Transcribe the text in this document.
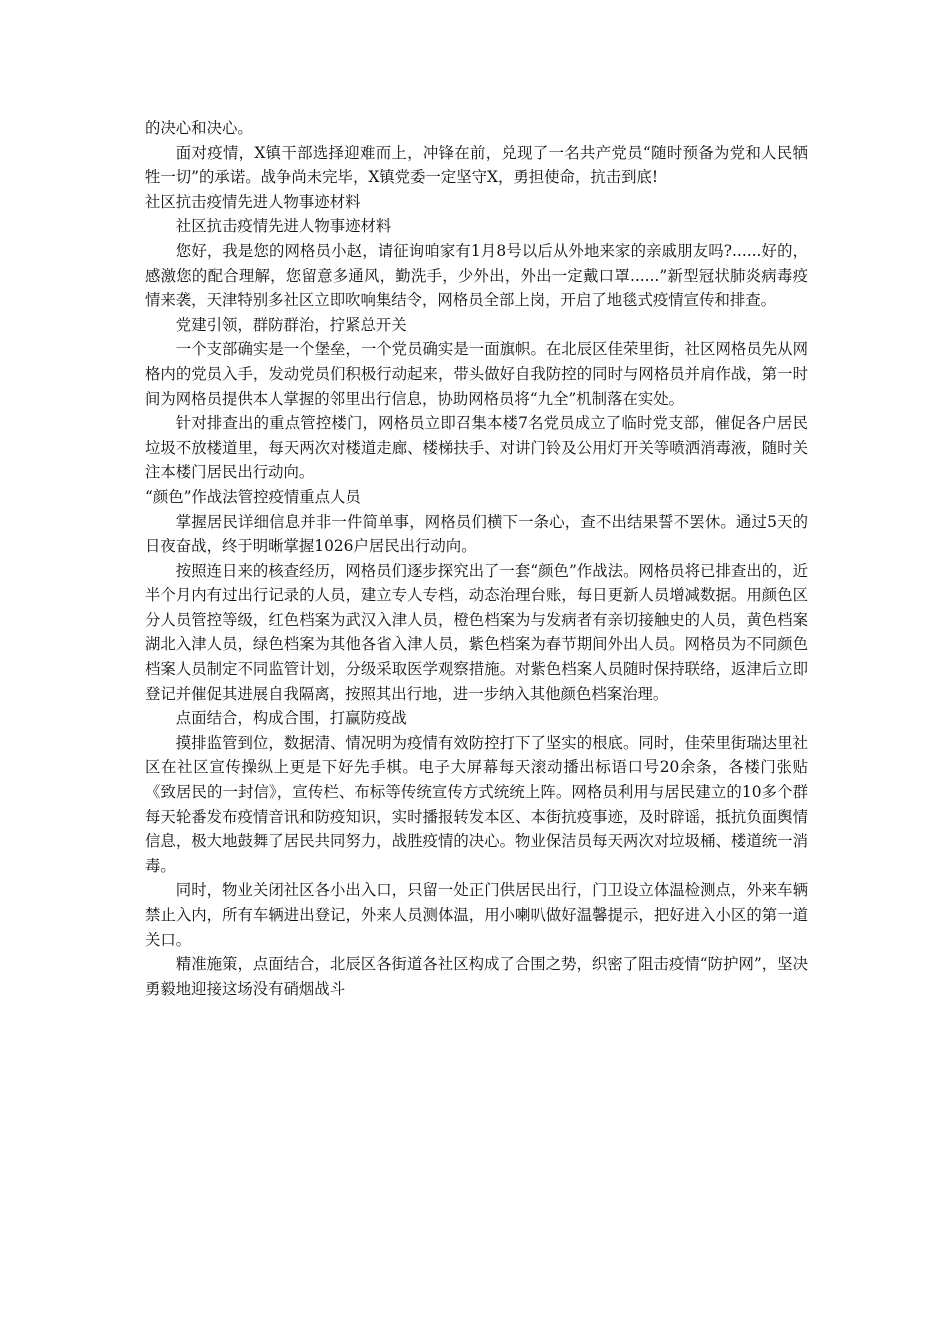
的决心和决心。

面对疫情，X镇干部选择迎难而上，冲锋在前，兑现了一名共产党员“随时预备为党和人民牺牲一切”的承诺。战争尚未完毕，X镇党委一定坚守X，勇担使命，抗击到底!

社区抗击疫情先进人物事迹材料

社区抗击疫情先进人物事迹材料

您好，我是您的网格员小赵，请征询咱家有1月8号以后从外地来家的亲戚朋友吗?......好的，感激您的配合理解，您留意多通风，勤洗手，少外出，外出一定戴口罩......”新型冠状肺炎病毒疫情来袭，天津特别多社区立即吹响集结令，网格员全部上岗，开启了地毯式疫情宣传和排查。

党建引领，群防群治，拧紧总开关

一个支部确实是一个堡垒，一个党员确实是一面旗帜。在北辰区佳荣里街，社区网格员先从网格内的党员入手，发动党员们积极行动起来，带头做好自我防控的同时与网格员并肩作战，第一时间为网格员提供本人掌握的邻里出行信息，协助网格员将“九全”机制落在实处。

针对排查出的重点管控楼门，网格员立即召集本楼7名党员成立了临时党支部，催促各户居民垃圾不放楼道里，每天两次对楼道走廊、楼梯扶手、对讲门铃及公用灯开关等喷洒消毒液，随时关注本楼门居民出行动向。

“颜色”作战法管控疫情重点人员

掌握居民详细信息并非一件简单事，网格员们横下一条心，查不出结果誓不罢休。通过5天的日夜奋战，终于明晰掌握1026户居民出行动向。

按照连日来的核查经历，网格员们逐步探究出了一套“颜色”作战法。网格员将已排查出的，近半个月内有过出行记录的人员，建立专人专档，动态治理台账，每日更新人员增减数据。用颜色区分人员管控等级，红色档案为武汉入津人员，橙色档案为与发病者有亲切接触史的人员，黄色档案湖北入津人员，绿色档案为其他各省入津人员，紫色档案为春节期间外出人员。网格员为不同颜色档案人员制定不同监管计划，分级采取医学观察措施。对紫色档案人员随时保持联络，返津后立即登记并催促其进展自我隔离，按照其出行地，进一步纳入其他颜色档案治理。

点面结合，构成合围，打赢防疫战

摸排监管到位，数据清、情况明为疫情有效防控打下了坚实的根底。同时，佳荣里街瑞达里社区在社区宣传操纵上更是下好先手棋。电子大屏幕每天滚动播出标语口号20余条，各楼门张贴《致居民的一封信》，宣传栏、布标等传统宣传方式统统上阵。网格员利用与居民建立的10多个群每天轮番发布疫情音讯和防疫知识，实时播报转发本区、本街抗疫事迹，及时辟谣，抵抗负面舆情信息，极大地鼓舞了居民共同努力，战胜疫情的决心。物业保洁员每天两次对垃圾桶、楼道统一消毒。

同时，物业关闭社区各小出入口，只留一处正门供居民出行，门卫设立体温检测点，外来车辆禁止入内，所有车辆进出登记，外来人员测体温，用小喇叭做好温馨提示，把好进入小区的第一道关口。

精准施策，点面结合，北辰区各街道各社区构成了合围之势，织密了阻击疫情“防护网”，坚决勇毅地迎接这场没有硝烟战斗
